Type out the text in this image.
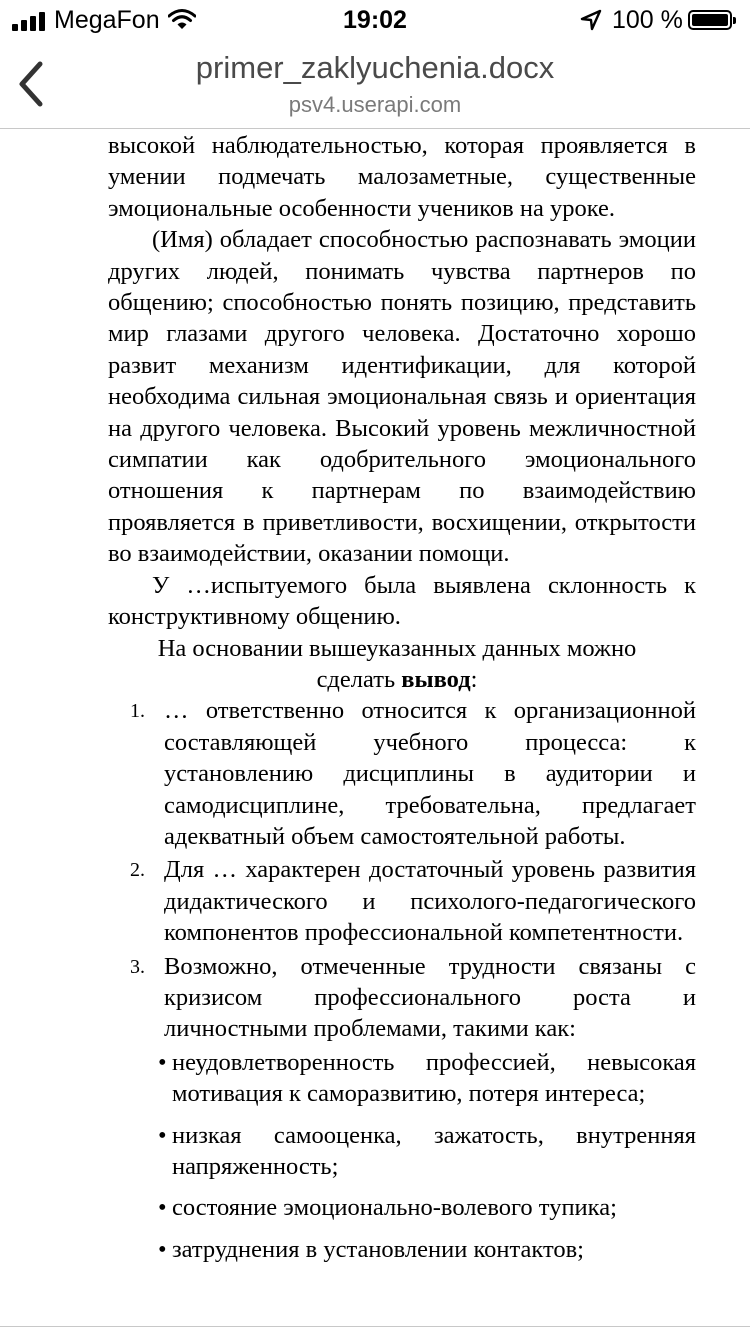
MegaFon	19:02	100 %
primer_zaklyuchenia.docx
psv4.userapi.com

высокой наблюдательностью, которая проявляется в умении подмечать малозаметные, существенные эмоциональные особенности учеников на уроке.

(Имя) обладает способностью распознавать эмоции других людей, понимать чувства партнеров по общению; способностью понять позицию, представить мир глазами другого человека. Достаточно хорошо развит механизм идентификации, для которой необходима сильная эмоциональная связь и ориентация на другого человека. Высокий уровень межличностной симпатии как одобрительного эмоционального отношения к партнерам по взаимодействию проявляется в приветливости, восхищении, открытости во взаимодействии, оказании помощи.

У …испытуемого была выявлена склонность к конструктивному общению.

На основании вышеуказанных данных можно
сделать вывод:

1. … ответственно относится к организационной составляющей учебного процесса: к установлению дисциплины в аудитории и самодисциплине, требовательна, предлагает адекватный объем самостоятельной работы.
2. Для … характерен достаточный уровень развития дидактического и психолого-педагогического компонентов профессиональной компетентности.
3. Возможно, отмеченные трудности связаны с кризисом профессионального роста и личностными проблемами, такими как:
• неудовлетворенность профессией, невысокая мотивация к саморазвитию, потеря интереса;
• низкая самооценка, зажатость, внутренняя напряженность;
• состояние эмоционально-волевого тупика;
• затруднения в установлении контактов;
